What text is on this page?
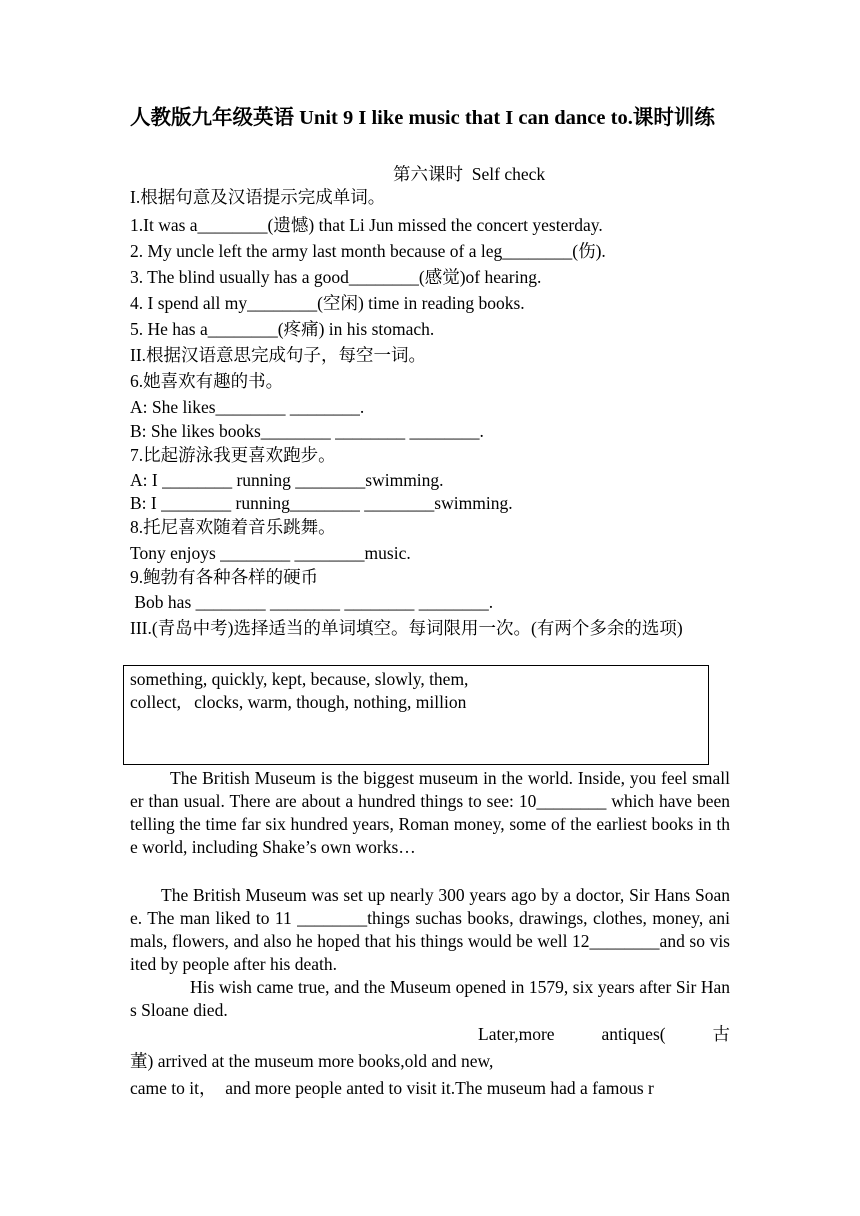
人教版九年级英语 Unit 9 I like music that I can dance to.课时训练
第六课时  Self check
I.根据句意及汉语提示完成单词。
1.It was a________(遗憾) that Li Jun missed the concert yesterday.
2. My uncle left the army last month because of a leg________(伤).
3. The blind usually has a good________(感觉)of hearing.
4. I spend all my________(空闲) time in reading books.
5. He has a________(疼痛) in his stomach.
II.根据汉语意思完成句子，每空一词。
6.她喜欢有趣的书。
A: She likes________ ________.
B: She likes books________ ________ ________.
7.比起游泳我更喜欢跑步。
A: I ________ running ________swimming.
B: I ________ running________ ________swimming.
8.托尼喜欢随着音乐跳舞。
Tony enjoys ________ ________music.
9.鲍勃有各种各样的硬币
Bob has ________ ________ ________ ________.
III.(青岛中考)选择适当的单词填空。每词限用一次。(有两个多余的选项)
something, quickly, kept, because, slowly, them,
collect,   clocks, warm, though, nothing, million
The British Museum is the biggest museum in the world. Inside, you feel smaller than usual. There are about a hundred things to see: 10________ which have been telling the time far six hundred years, Roman money, some of the earliest books in the world, including Shake’s own works…
The British Museum was set up nearly 300 years ago by a doctor, Sir Hans Soane. The man liked to 11 ________things suchas books, drawings, clothes, money, animals, flowers, and also he hoped that his things would be well 12________and so visited by people after his death.
His wish came true, and the Museum opened in 1579, six years after Sir Hans Sloane died.
Later,more	antiques(	古
董) arrived at the museum more books,old and new,
came to it，  and more people anted to visit it.The museum had a famous r
